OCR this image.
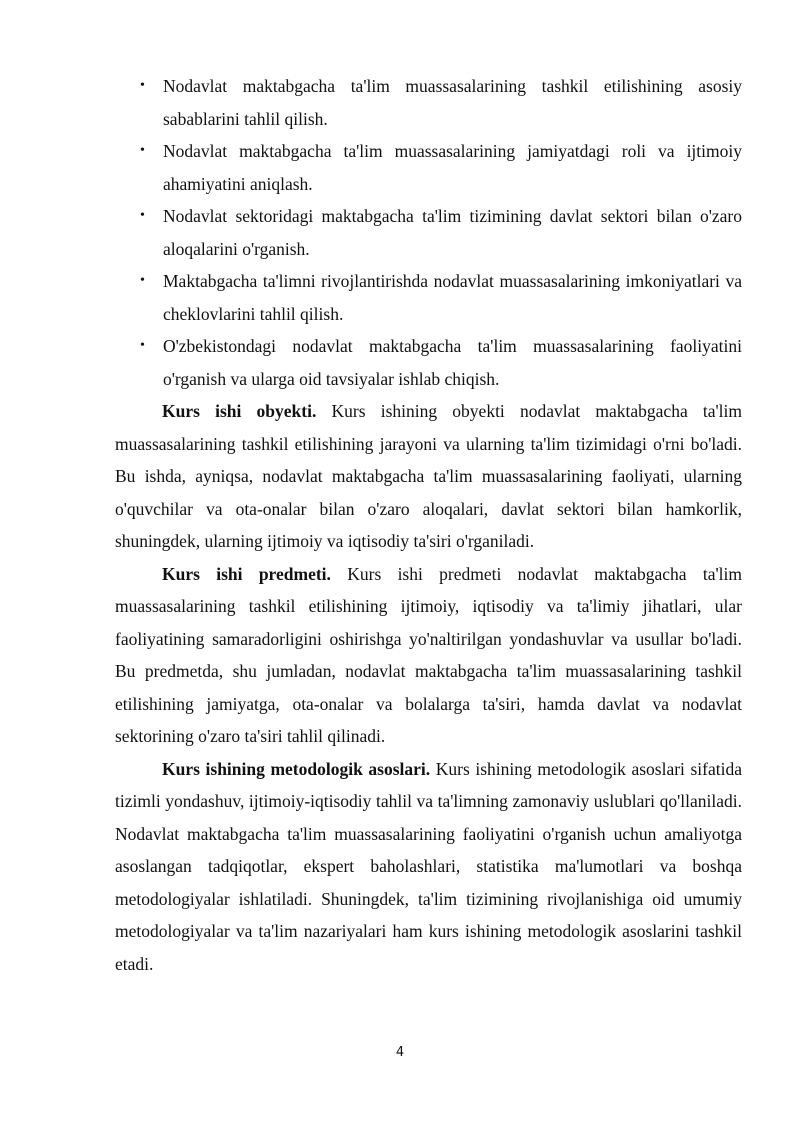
• Nodavlat maktabgacha ta'lim muassasalarining tashkil etilishining asosiy sabablarini tahlil qilish.
• Nodavlat maktabgacha ta'lim muassasalarining jamiyatdagi roli va ijtimoiy ahamiyatini aniqlash.
• Nodavlat sektoridagi maktabgacha ta'lim tizimining davlat sektori bilan o'zaro aloqalarini o'rganish.
• Maktabgacha ta'limni rivojlantirishda nodavlat muassasalarining imkoniyatlari va cheklovlarini tahlil qilish.
• O'zbekistondagi nodavlat maktabgacha ta'lim muassasalarining faoliyatini o'rganish va ularga oid tavsiyalar ishlab chiqish.

Kurs ishi obyekti. Kurs ishining obyekti nodavlat maktabgacha ta'lim muassasalarining tashkil etilishining jarayoni va ularning ta'lim tizimidagi o'rni bo'ladi. Bu ishda, ayniqsa, nodavlat maktabgacha ta'lim muassasalarining faoliyati, ularning o'quvchilar va ota-onalar bilan o'zaro aloqalari, davlat sektori bilan hamkorlik, shuningdek, ularning ijtimoiy va iqtisodiy ta'siri o'rganiladi.

Kurs ishi predmeti. Kurs ishi predmeti nodavlat maktabgacha ta'lim muassasalarining tashkil etilishining ijtimoiy, iqtisodiy va ta'limiy jihatlari, ular faoliyatining samaradorligini oshirishga yo'naltirilgan yondashuvlar va usullar bo'ladi. Bu predmetda, shu jumladan, nodavlat maktabgacha ta'lim muassasalarining tashkil etilishining jamiyatga, ota-onalar va bolalarga ta'siri, hamda davlat va nodavlat sektorining o'zaro ta'siri tahlil qilinadi.

Kurs ishining metodologik asoslari. Kurs ishining metodologik asoslari sifatida tizimli yondashuv, ijtimoiy-iqtisodiy tahlil va ta'limning zamonaviy uslublari qo'llaniladi. Nodavlat maktabgacha ta'lim muassasalarining faoliyatini o'rganish uchun amaliyotga asoslangan tadqiqotlar, ekspert baholashlari, statistika ma'lumotlari va boshqa metodologiyalar ishlatiladi. Shuningdek, ta'lim tizimining rivojlanishiga oid umumiy metodologiyalar va ta'lim nazariyalari ham kurs ishining metodologik asoslarini tashkil etadi.

4
